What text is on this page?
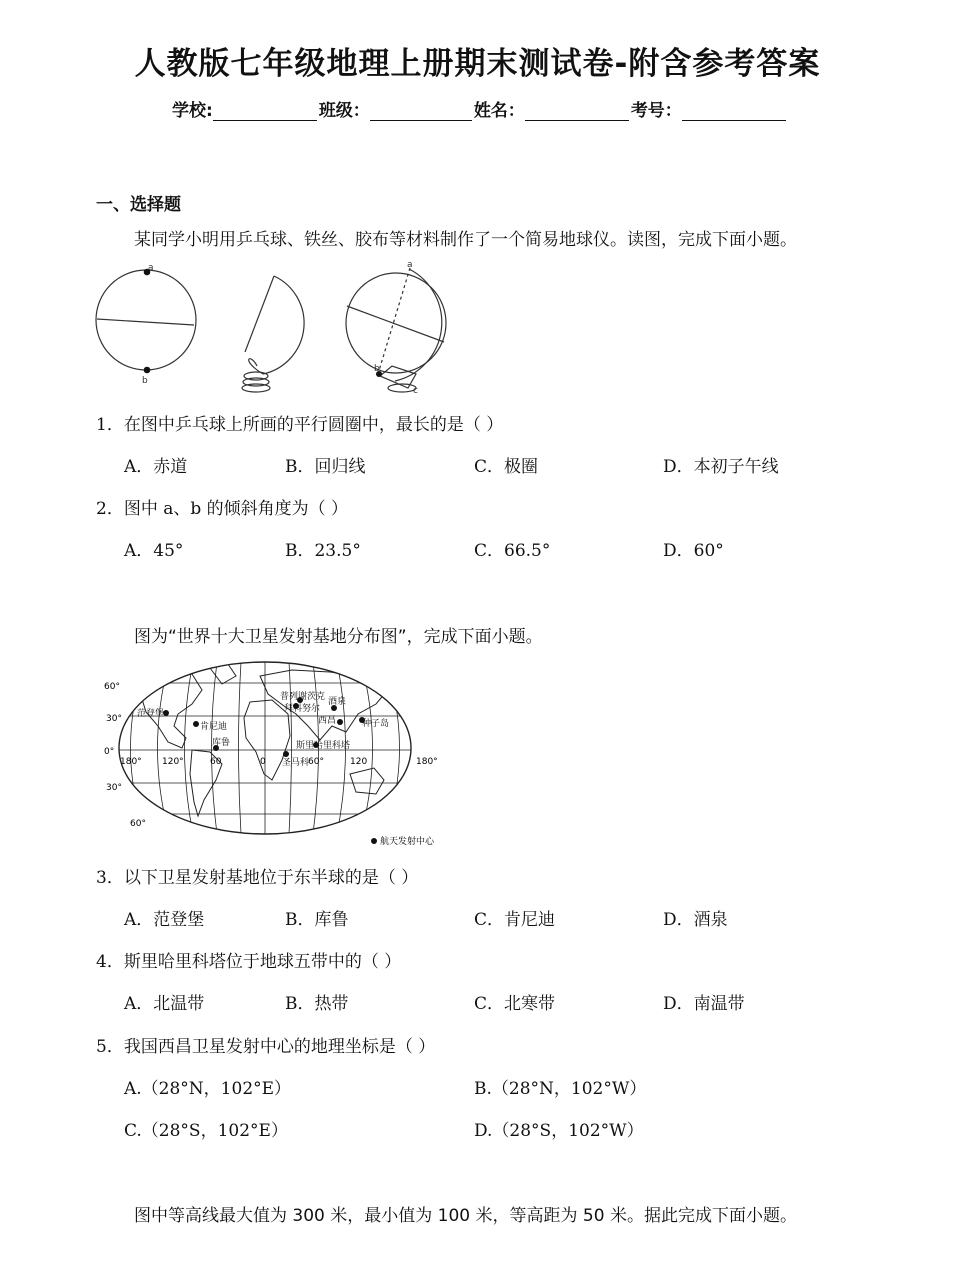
人教版七年级地理上册期末测试卷-附含参考答案
学校:	班级：	姓名：	考号：
一、选择题
某同学小明用乒乓球、铁丝、胶布等材料制作了一个简易地球仪。读图，完成下面小题。
a
b
a
b
c
1．在图中乒乓球上所画的平行圆圈中，最长的是（ ）
A．赤道	B．回归线	C．极圈	D．本初子午线
2．图中 a、b 的倾斜角度为（ ）
A．45°	B．23.5°	C．66.5°	D．60°
图为“世界十大卫星发射基地分布图”，完成下面小题。
60°
30°
0°
30°
60°
180° 120°	60	0	60°	120	180°
普列谢茨克
拜科努尔
酒泉
西昌	种子岛
范登堡
肯尼迪
库鲁	斯里哈里科塔
圣马科
航天发射中心
3．以下卫星发射基地位于东半球的是（ ）
A．范登堡	B．库鲁	C．肯尼迪	D．酒泉
4．斯里哈里科塔位于地球五带中的（ ）
A．北温带	B．热带	C．北寒带	D．南温带
5．我国西昌卫星发射中心的地理坐标是（ ）
A.（28°N，102°E）	B.（28°N，102°W）
C.（28°S，102°E）	D.（28°S，102°W）
图中等高线最大值为 300 米，最小值为 100 米，等高距为 50 米。据此完成下面小题。
